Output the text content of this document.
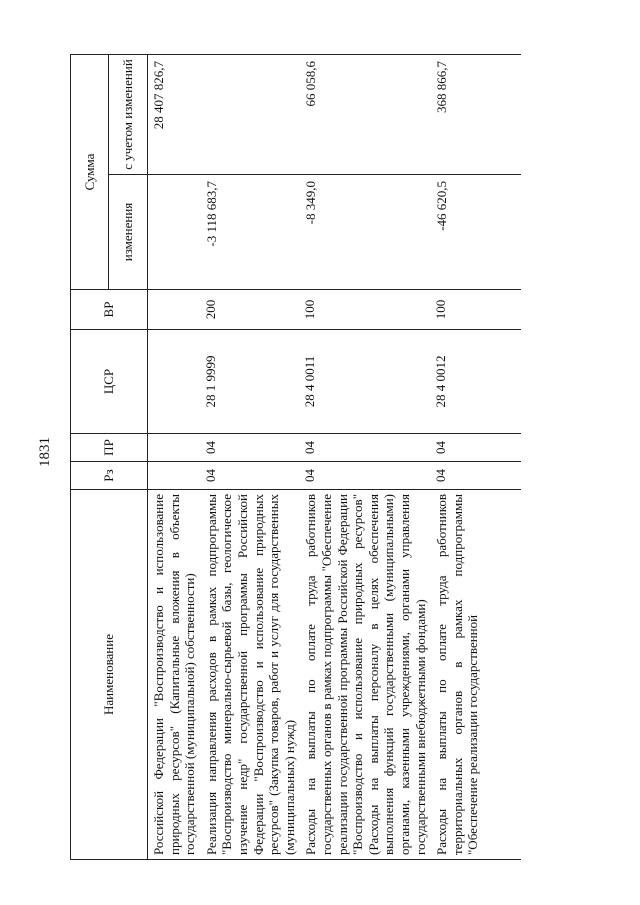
1831
Наименование	Рз	ПР	ЦСР	ВР	Сумма	
					изменения	с учетом изменений
Российской Федерации "Воспроизводство и использование природных ресурсов" (Капитальные вложения в объекты государственной (муниципальной) собственности)						28 407 826,7
Реализация направления расходов в рамках подпрограммы "Воспроизводство минерально-сырьевой базы, геологическое изучение недр" государственной программы Российской Федерации "Воспроизводство и использование природных ресурсов" (Закупка товаров, работ и услуг для государственных (муниципальных) нужд)	04	04	28 1 9999	200	-3 118 683,7	
Расходы на выплаты по оплате труда работников государственных органов в рамках подпрограммы "Обеспечение реализации государственной программы Российской Федерации "Воспроизводство и использование природных ресурсов" (Расходы на выплаты персоналу в целях обеспечения выполнения функций государственными (муниципальными) органами, казенными учреждениями, органами управления государственными внебюджетными фондами)	04	04	28 4 0011	100	-8 349,0	66 058,6
Расходы на выплаты по оплате труда работников территориальных органов в рамках подпрограммы "Обеспечение реализации государственной	04	04	28 4 0012	100	-46 620,5	368 866,7
